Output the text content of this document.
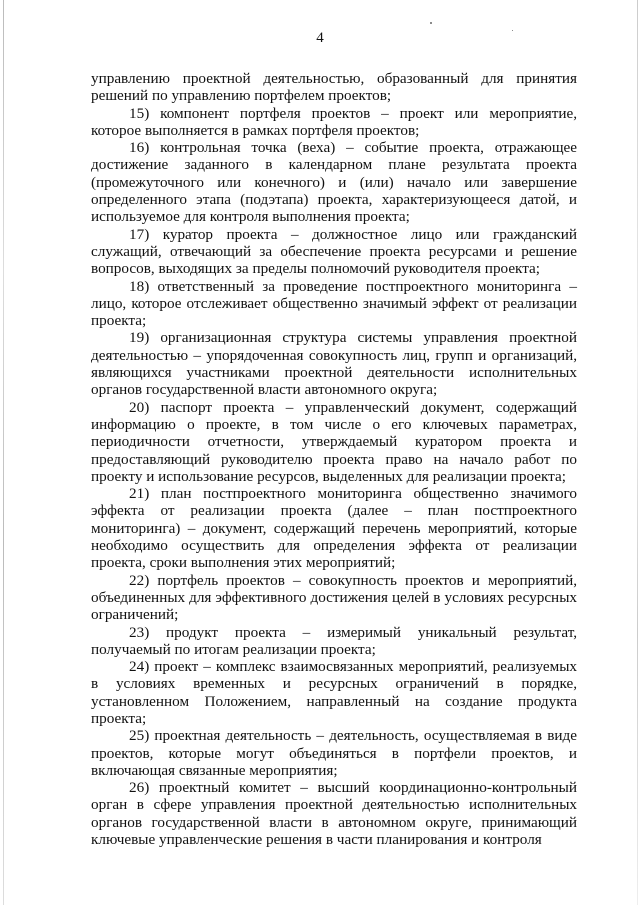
4

управлению проектной деятельностью, образованный для принятия решений по управлению портфелем проектов;

15) компонент портфеля проектов – проект или мероприятие, которое выполняется в рамках портфеля проектов;

16) контрольная точка (веха) – событие проекта, отражающее достижение заданного в календарном плане результата проекта (промежуточного или конечного) и (или) начало или завершение определенного этапа (подэтапа) проекта, характеризующееся датой, и используемое для контроля выполнения проекта;

17) куратор проекта – должностное лицо или гражданский служащий, отвечающий за обеспечение проекта ресурсами и решение вопросов, выходящих за пределы полномочий руководителя проекта;

18) ответственный за проведение постпроектного мониторинга – лицо, которое отслеживает общественно значимый эффект от реализации проекта;

19) организационная структура системы управления проектной деятельностью – упорядоченная совокупность лиц, групп и организаций, являющихся участниками проектной деятельности исполнительных органов государственной власти автономного округа;

20) паспорт проекта – управленческий документ, содержащий информацию о проекте, в том числе о его ключевых параметрах, периодичности отчетности, утверждаемый куратором проекта и предоставляющий руководителю проекта право на начало работ по проекту и использование ресурсов, выделенных для реализации проекта;

21) план постпроектного мониторинга общественно значимого эффекта от реализации проекта (далее – план постпроектного мониторинга) – документ, содержащий перечень мероприятий, которые необходимо осуществить для определения эффекта от реализации проекта, сроки выполнения этих мероприятий;

22) портфель проектов – совокупность проектов и мероприятий, объединенных для эффективного достижения целей в условиях ресурсных ограничений;

23) продукт проекта – измеримый уникальный результат, получаемый по итогам реализации проекта;

24) проект – комплекс взаимосвязанных мероприятий, реализуемых в условиях временных и ресурсных ограничений в порядке, установленном Положением, направленный на создание продукта проекта;

25) проектная деятельность – деятельность, осуществляемая в виде проектов, которые могут объединяться в портфели проектов, и включающая связанные мероприятия;

26) проектный комитет – высший координационно-контрольный орган в сфере управления проектной деятельностью исполнительных органов государственной власти в автономном округе, принимающий ключевые управленческие решения в части планирования и контроля
